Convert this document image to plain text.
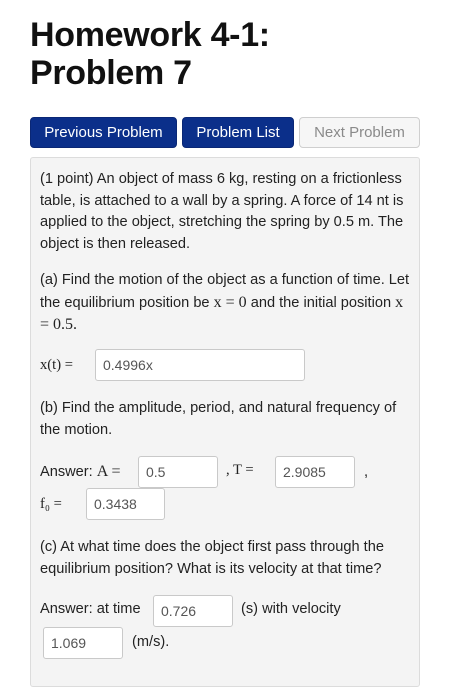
Homework 4-1:
Problem 7
Previous Problem	Problem List	Next Problem
(1 point) An object of mass 6 kg, resting on a frictionless table, is attached to a wall by a spring. A force of 14 nt is applied to the object, stretching the spring by 0.5 m. The object is then released.
(a) Find the motion of the object as a function of time. Let the equilibrium position be x = 0 and the initial position x = 0.5.
x(t) =	0.4996x
(b) Find the amplitude, period, and natural frequency of the motion.
Answer: A =	0.5	, T =	2.9085	,
f₀ =	0.3438
(c) At what time does the object first pass through the equilibrium position? What is its velocity at that time?
Answer: at time	0.726	(s) with velocity
1.069	(m/s).
